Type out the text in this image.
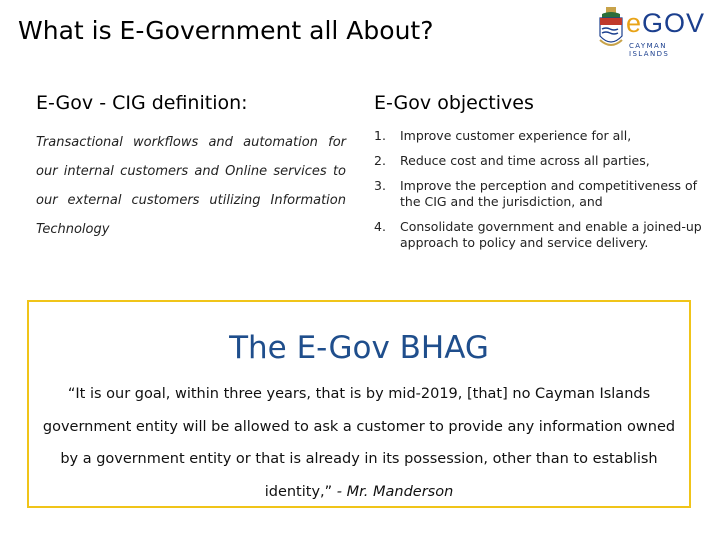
What is E-Government all About?	eGOV
CAYMAN ISLANDS
E-Gov - CIG definition:
Transactional workflows and automation for our internal customers and Online services to our external customers utilizing Information Technology
E-Gov objectives
1. Improve customer experience for all,
2. Reduce cost and time across all parties,
3. Improve the perception and competitiveness of the CIG and the jurisdiction, and
4. Consolidate government and enable a joined-up approach to policy and service delivery.
The E-Gov BHAG
“It is our goal, within three years, that is by mid-2019, [that] no Cayman Islands government entity will be allowed to ask a customer to provide any information owned by a government entity or that is already in its possession, other than to establish identity,” - Mr. Manderson
